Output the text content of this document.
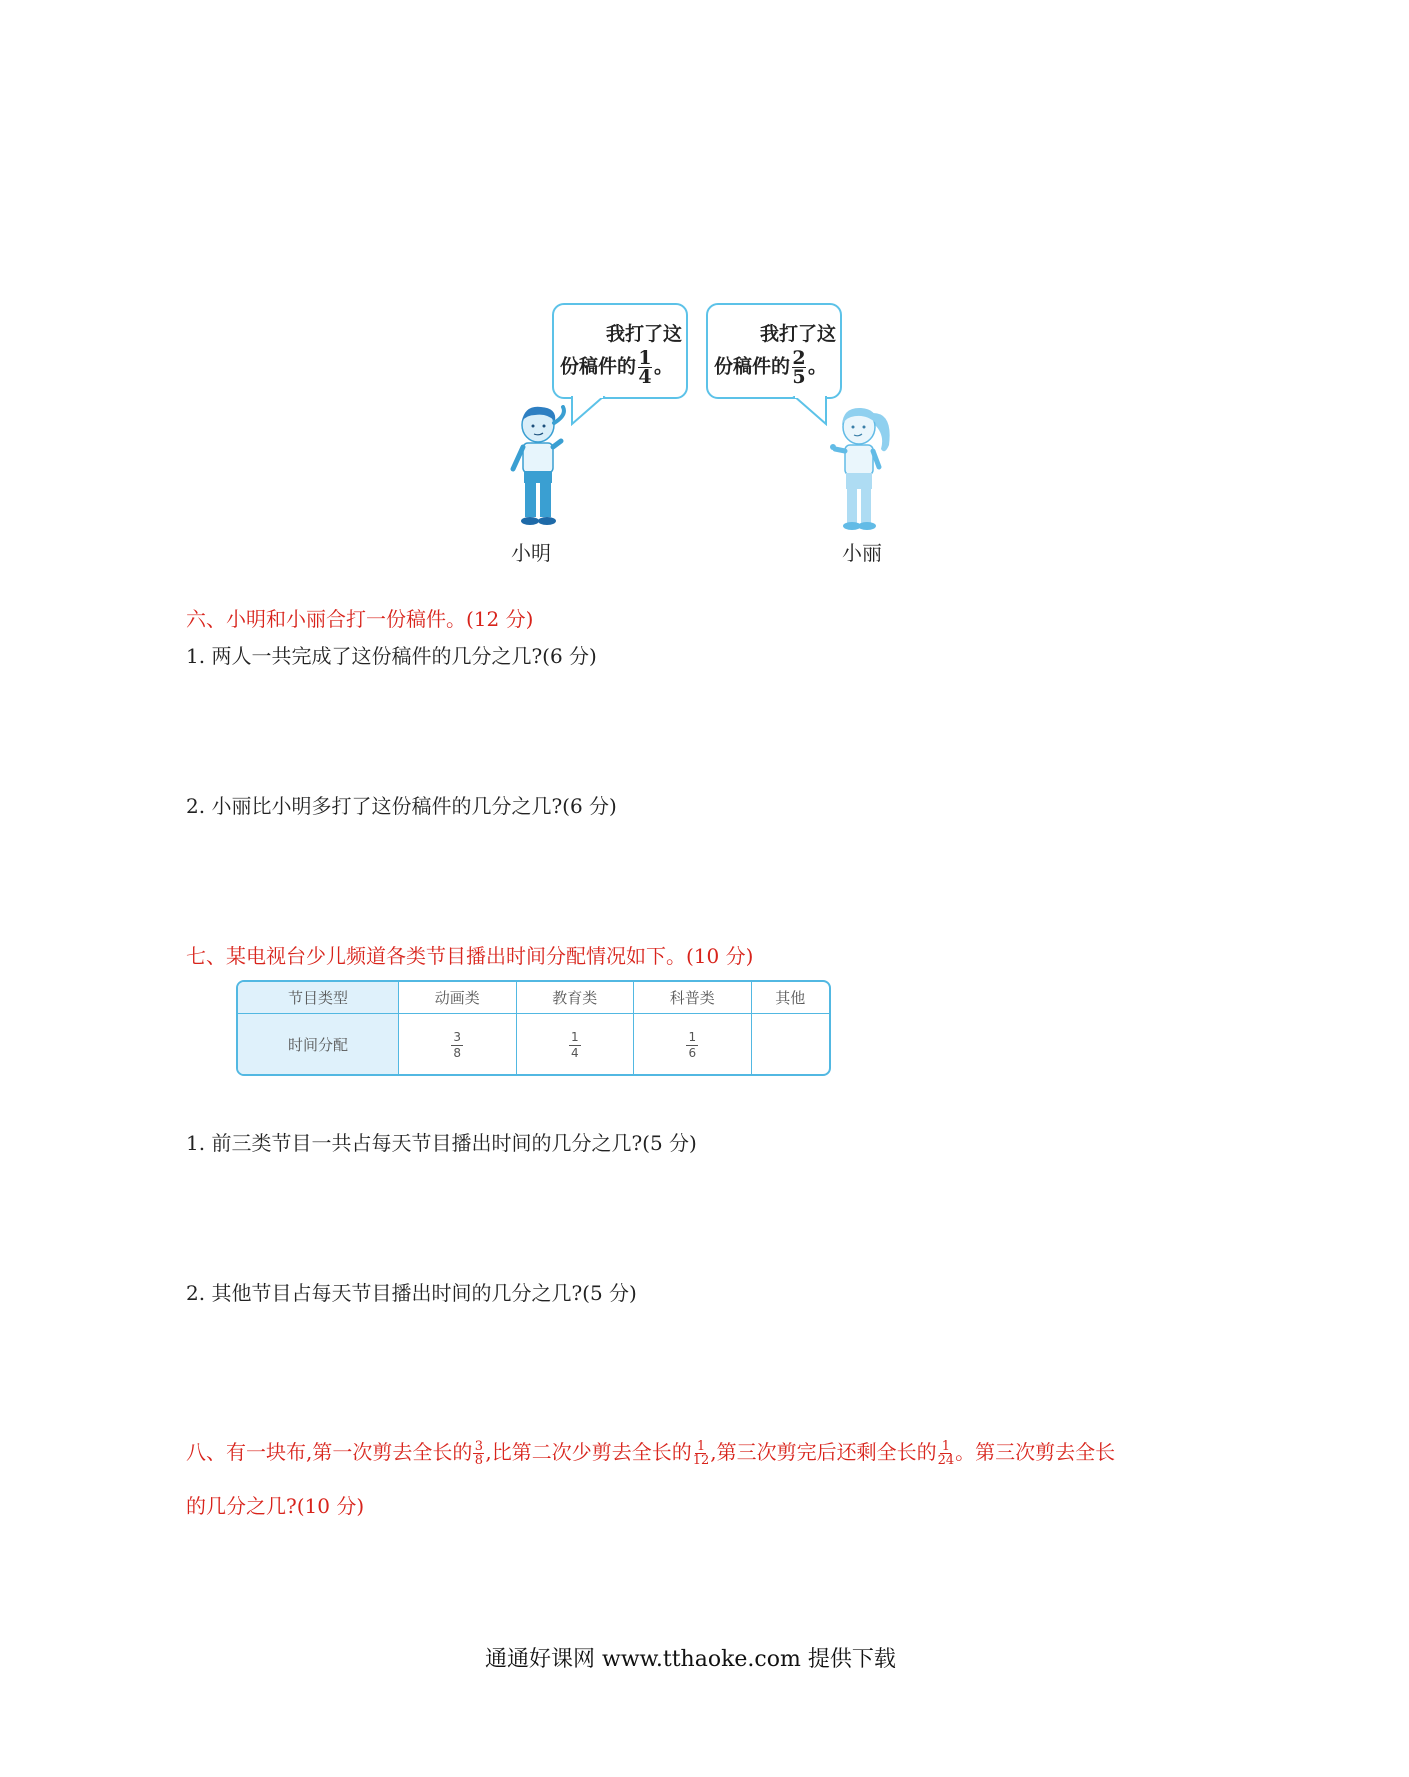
我打了这
份稿件的 $\frac{1}{4}$ 。
我打了这
份稿件的 $\frac{2}{5}$ 。
小明	小丽
六、小明和小丽合打一份稿件。(12 分)
1. 两人一共完成了这份稿件的几分之几?(6 分)
2. 小丽比小明多打了这份稿件的几分之几?(6 分)
七、某电视台少儿频道各类节目播出时间分配情况如下。(10 分)
节目类型	动画类	教育类	科普类	其他
时间分配	$\frac{3}{8}$	$\frac{1}{4}$	$\frac{1}{6}$

1. 前三类节目一共占每天节目播出时间的几分之几?(5 分)
2. 其他节目占每天节目播出时间的几分之几?(5 分)
八、有一块布,第一次剪去全长的 $\frac{3}{8}$ ,比第二次少剪去全长的 $\frac{1}{12}$ ,第三次剪完后还剩全长的 $\frac{1}{24}$ 。第三次剪去全长
的几分之几?(10 分)
通通好课网 www.tthaoke.com 提供下载
